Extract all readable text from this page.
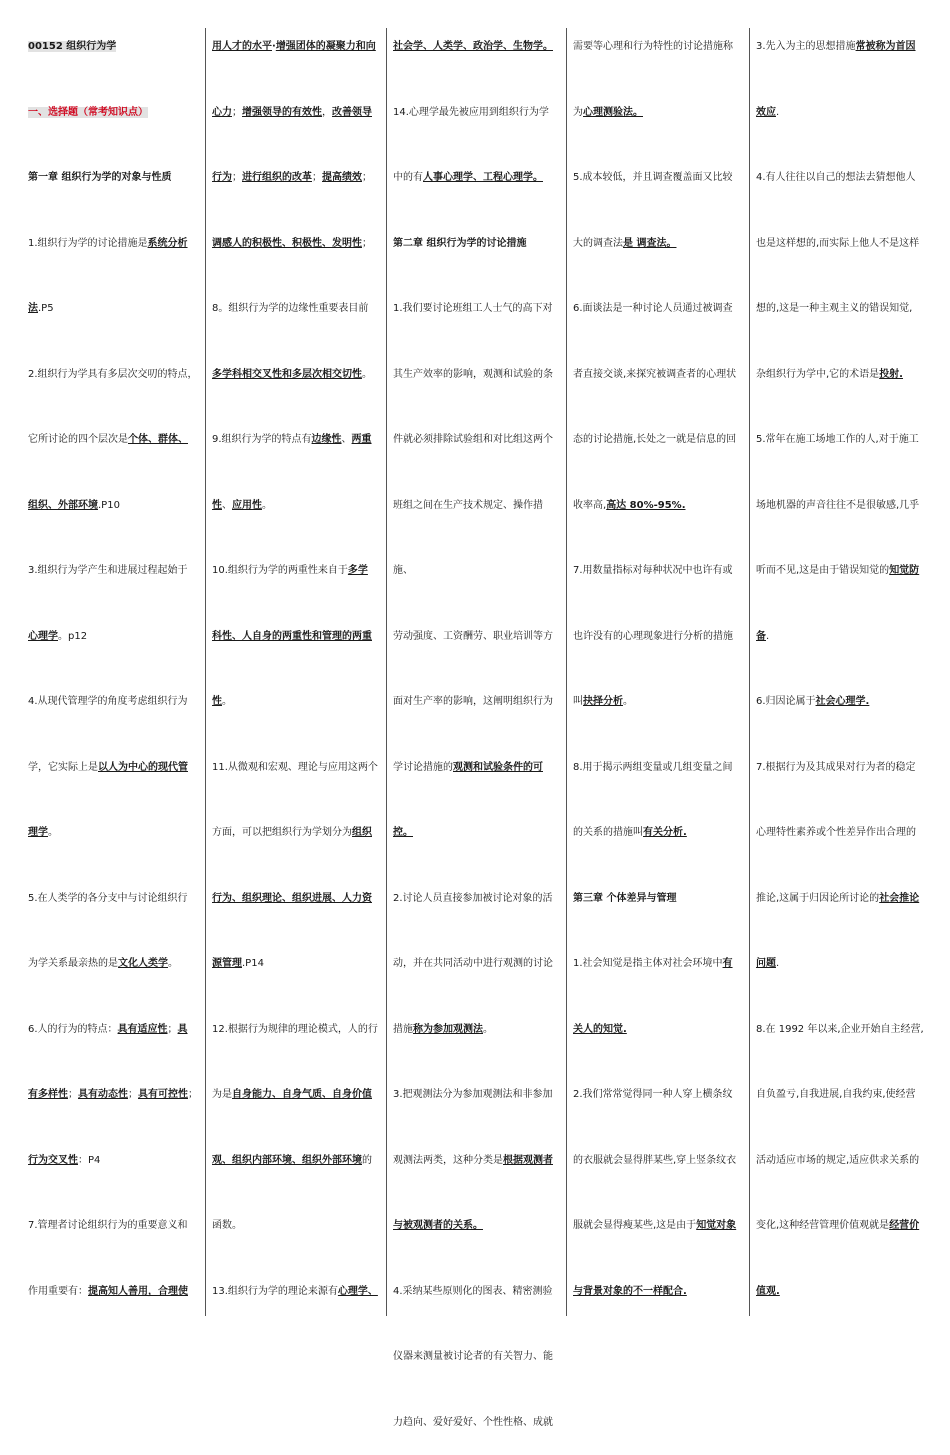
00152 组织行为学

一、选择题（常考知识点）

第一章 组织行为学的对象与性质

1.组织行为学的讨论措施是系统分析

法.P5

2.组织行为学具有多层次交叨的特点，

它所讨论的四个层次是个体、群体、

组织、外部环境.P10

3.组织行为学产生和进展过程起始于

心理学。p12

4.从现代管理学的角度考虑组织行为

学，它实际上是以人为中心的现代管

理学。

5.在人类学的各分支中与讨论组织行

为学关系最亲热的是文化人类学。

6.人的行为的特点：具有适应性；具

有多样性；具有动态性；具有可控性；

行为交叉性：P4

7.管理者讨论组织行为的重要意义和

作用重要有：提高知人善用，合理使

用人才的水平·增强团体的凝聚力和向

心力；增强领导的有效性，改善领导

行为；进行组织的改革；提高绩效；

调感人的积极性、积极性、发明性；

8。组织行为学的边缘性重要表目前

多学科相交叉性和多层次相交切性。

9.组织行为学的特点有边缘性、两重

性、应用性。

10.组织行为学的两重性来自于多学

科性、人自身的两重性和管理的两重

性。

11.从微观和宏观、理论与应用这两个

方面，可以把组织行为学划分为组织

行为、组织理论、组织进展、人力资

源管理.P14

12.根据行为规律的理论模式，人的行

为是自身能力、自身气质、自身价值

观、组织内部环境、组织外部环境的

函数。

13.组织行为学的理论来源有心理学、

社会学、人类学、政治学、生物学。

14.心理学最先被应用到组织行为学

中的有人事心理学、工程心理学。

第二章 组织行为学的讨论措施

1.我们要讨论班组工人士气的高下对

其生产效率的影响，观测和试验的条

件就必须排除试验组和对比组这两个

班组之间在生产技术规定、操作措施、

劳动强度、工资酬劳、职业培训等方

面对生产率的影响，这阐明组织行为

学讨论措施的观测和试验条件的可控。

2.讨论人员直接参加被讨论对象的活

动，并在共同活动中进行观测的讨论

措施称为参加观测法。

3.把观测法分为参加观测法和非参加

观测法两类，这种分类是根据观测者

与被观测者的关系。

4.采纳某些原则化的图表、精密测验

仪器来测量被讨论者的有关智力、能

力趋向、爱好爱好、个性性格、成就

需要等心理和行为特性的讨论措施称

为心理测验法。

5.成本较低，并且调查覆盖面又比较

大的调查法是 调查法。

6.面谈法是一种讨论人员通过被调查

者直接交谈,来探究被调查者的心理状

态的讨论措施,长处之一就是信息的回

收率高,高达 80%-95%.

7.用数量指标对每种状况中也许有或

也许没有的心理现象进行分析的措施

叫抉择分析。

8.用于揭示两组变量或几组变量之间

的关系的措施叫有关分析.

第三章 个体差异与管理

1.社会知觉是指主体对社会环境中有

关人的知觉.

2.我们常常觉得同一种人穿上横条纹

的衣服就会显得胖某些,穿上竖条纹衣

服就会显得瘦某些,这是由于知觉对象

与背景对象的不一样配合.

3.先入为主的思想措施常被称为首因

效应.

4.有人往往以自己的想法去猜想他人

也是这样想的,而实际上他人不是这样

想的,这是一种主观主义的错误知觉,

杂组织行为学中,它的术语是投射.

5.常年在施工场地工作的人,对于施工

场地机器的声音往往不是很敏感,几乎

听而不见,这是由于错误知觉的知觉防

备.

6.归因论属于社会心理学.

7.根据行为及其成果对行为者的稳定

心理特性素养或个性差异作出合理的

推论,这属于归因论所讨论的社会推论

问题.

8.在 1992 年以来,企业开始自主经营,

自负盈亏,自我进展,自我约束,使经营

活动适应市场的规定,适应供求关系的

变化,这种经营管理价值观就是经营价

值观.
